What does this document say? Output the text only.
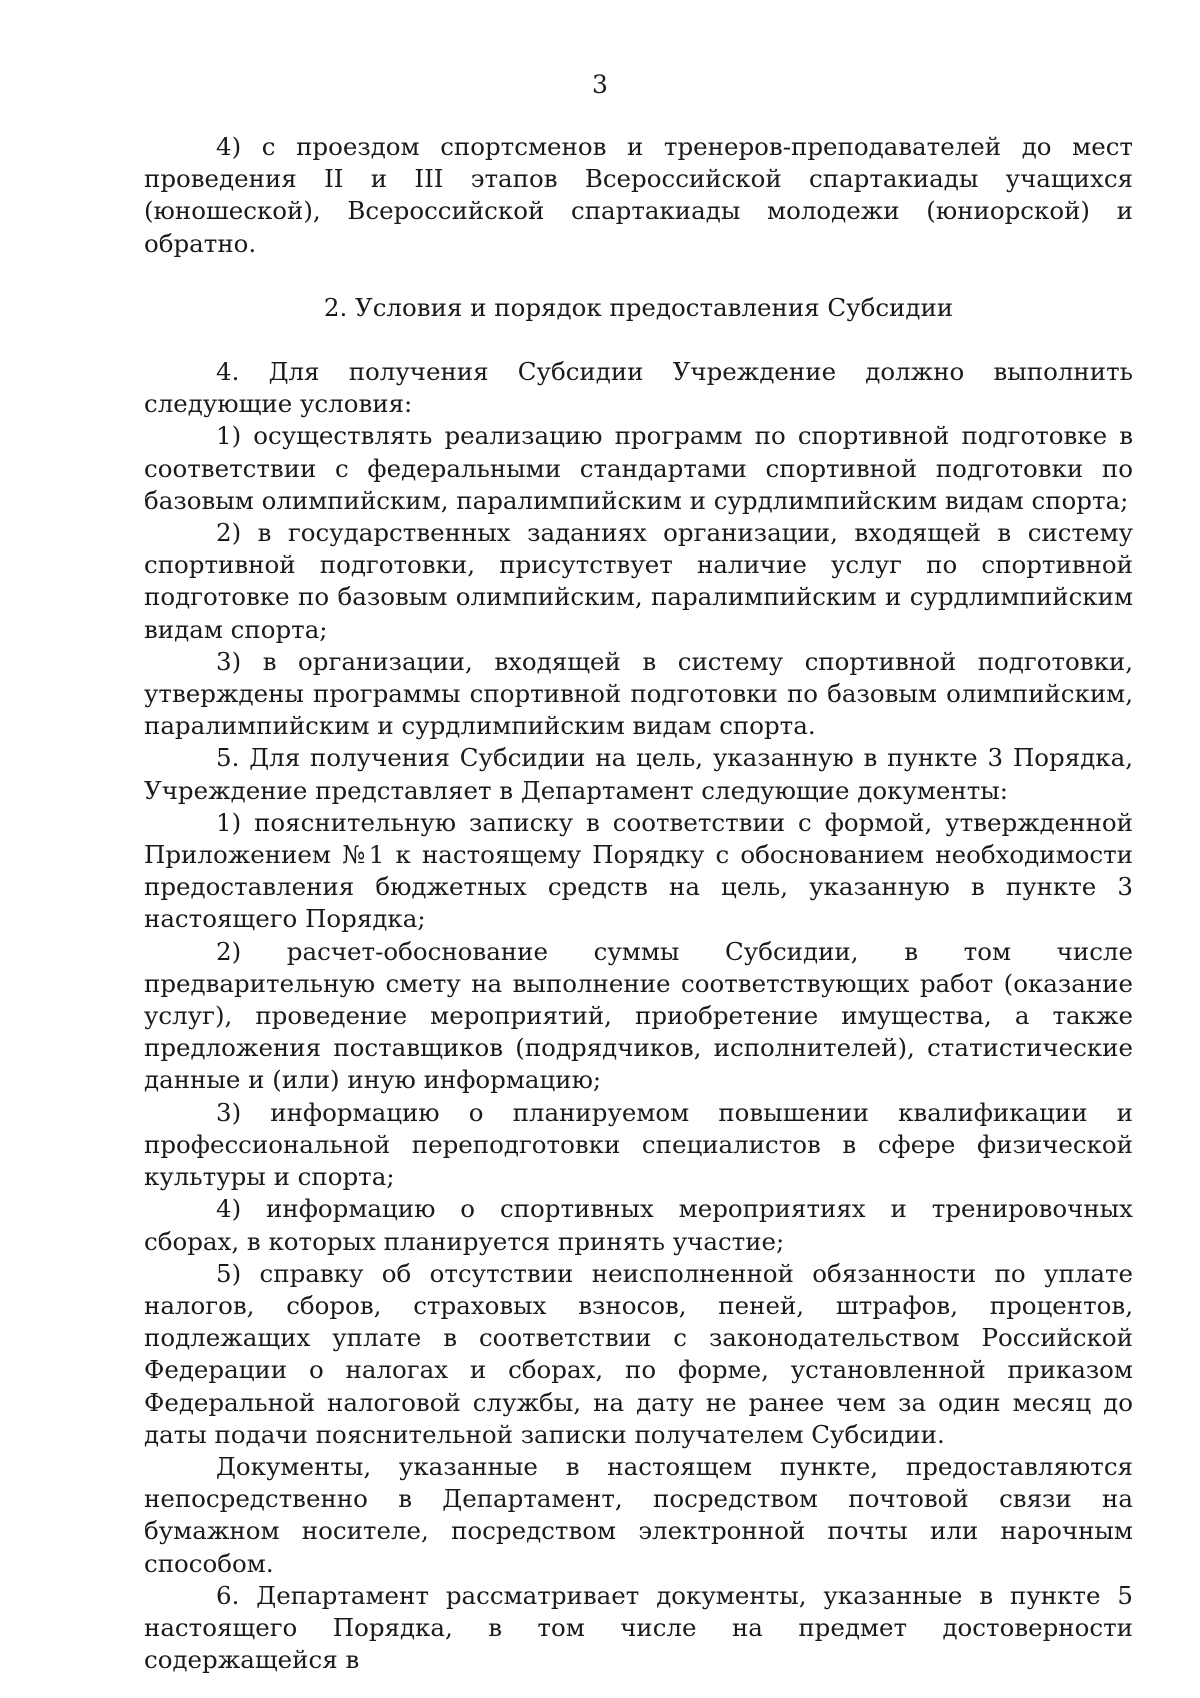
3

4) с проездом спортсменов и тренеров-преподавателей до мест проведения II и III этапов Всероссийской спартакиады учащихся (юношеской), Всероссийской спартакиады молодежи (юниорской) и обратно.

2. Условия и порядок предоставления Субсидии

4. Для получения Субсидии Учреждение должно выполнить следующие условия:

1) осуществлять реализацию программ по спортивной подготовке в соответствии с федеральными стандартами спортивной подготовки по базовым олимпийским, паралимпийским и сурдлимпийским видам спорта;

2) в государственных заданиях организации, входящей в систему спортивной подготовки, присутствует наличие услуг по спортивной подготовке по базовым олимпийским, паралимпийским и сурдлимпийским видам спорта;

3) в организации, входящей в систему спортивной подготовки, утверждены программы спортивной подготовки по базовым олимпийским, паралимпийским и сурдлимпийским видам спорта.

5. Для получения Субсидии на цель, указанную в пункте 3 Порядка, Учреждение представляет в Департамент следующие документы:

1) пояснительную записку в соответствии с формой, утвержденной Приложением №1 к настоящему Порядку с обоснованием необходимости предоставления бюджетных средств на цель, указанную в пункте 3 настоящего Порядка;

2) расчет-обоснование суммы Субсидии, в том числе предварительную смету на выполнение соответствующих работ (оказание услуг), проведение мероприятий, приобретение имущества, а также предложения поставщиков (подрядчиков, исполнителей), статистические данные и (или) иную информацию;

3) информацию о планируемом повышении квалификации и профессиональной переподготовки специалистов в сфере физической культуры и спорта;

4) информацию о спортивных мероприятиях и тренировочных сборах, в которых планируется принять участие;

5) справку об отсутствии неисполненной обязанности по уплате налогов, сборов, страховых взносов, пеней, штрафов, процентов, подлежащих уплате в соответствии с законодательством Российской Федерации о налогах и сборах, по форме, установленной приказом Федеральной налоговой службы, на дату не ранее чем за один месяц до даты подачи пояснительной записки получателем Субсидии.

Документы, указанные в настоящем пункте, предоставляются непосредственно в Департамент, посредством почтовой связи на бумажном носителе, посредством электронной почты или нарочным способом.

6. Департамент рассматривает документы, указанные в пункте 5 настоящего Порядка, в том числе на предмет достоверности содержащейся в
